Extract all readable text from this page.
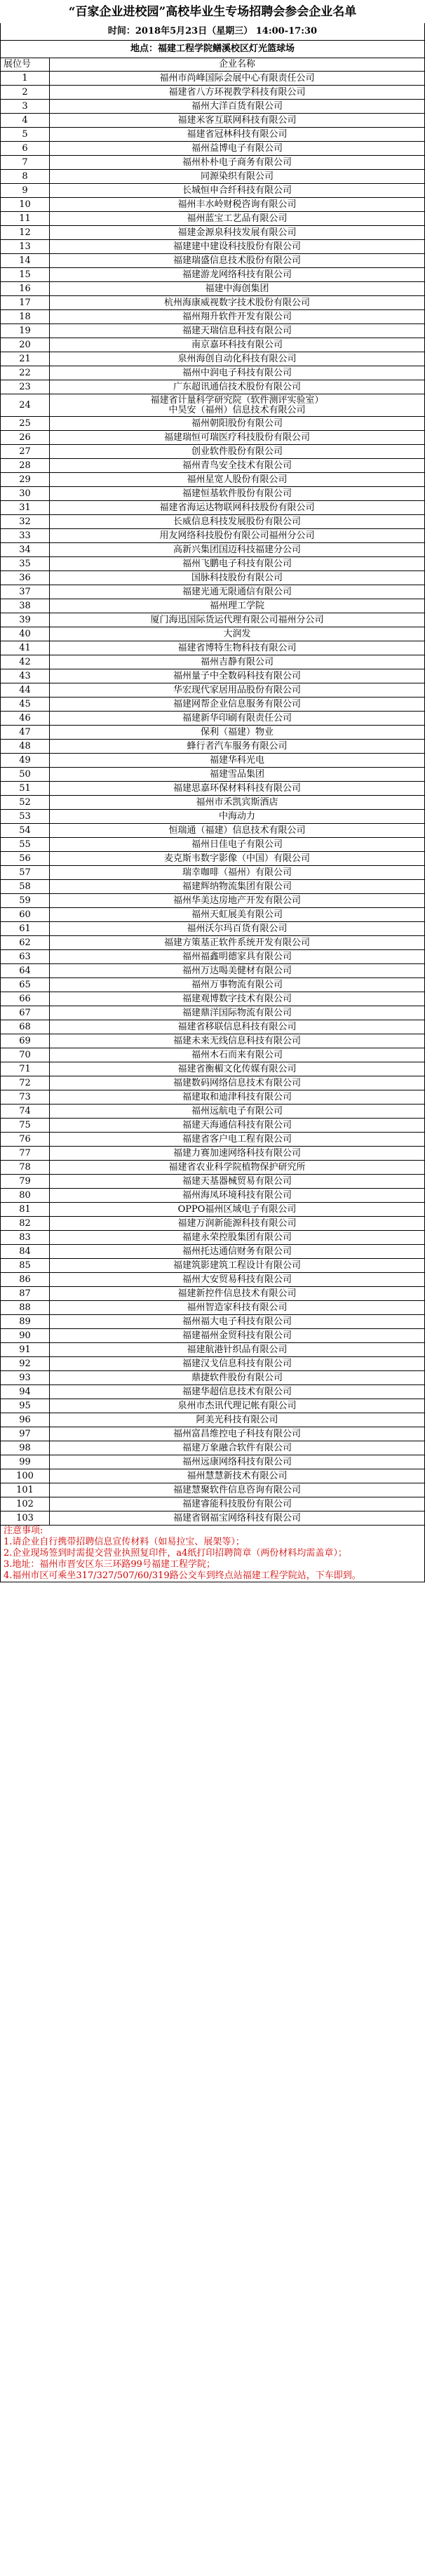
“百家企业进校园”高校毕业生专场招聘会参会企业名单	
时间：2018年5月23日（星期三） 14:00-17:30	
地点：福建工程学院鳝溪校区灯光篮球场	
展位号	企业名称
1	福州市尚峰国际会展中心有限责任公司
2	福建省八方环视教学科技有限公司
3	福州大洋百货有限公司
4	福建米客互联网科技有限公司
5	福建省冠林科技有限公司
6	福州益博电子有限公司
7	福州朴朴电子商务有限公司
8	同源染织有限公司
9	长城恒申合纤科技有限公司
10	福州丰水岭财税咨询有限公司
11	福州蓝宝工艺品有限公司
12	福建金源泉科技发展有限公司
13	福建建中建设科技股份有限公司
14	福建瑞盛信息技术股份有限公司
15	福建游龙网络科技有限公司
16	福建中海创集团
17	杭州海康威视数字技术股份有限公司
18	福州翔升软件开发有限公司
19	福建天瑞信息科技有限公司
20	南京嘉环科技有限公司
21	泉州海创自动化科技有限公司
22	福州中润电子科技有限公司
23	广东超讯通信技术股份有限公司
24	福建省计量科学研究院（软件测评实验室）
中昊安（福州）信息技术有限公司

25	福州朝阳股份有限公司
26	福建瑞恒可瑞医疗科技股份有限公司
27	创业软件股份有限公司
28	福州青鸟安全技术有限公司
29	福州星宽人股份有限公司
30	福建恒基软件股份有限公司
31	福建省海运达物联网科技股份有限公司
32	长威信息科技发展股份有限公司
33	用友网络科技股份有限公司福州分公司
34	高新兴集团国迈科技福建分公司
35	福州飞鹏电子科技有限公司
36	国脉科技股份有限公司
37	福建光通无限通信有限公司
38	福州理工学院
39	厦门海迅国际货运代理有限公司福州分公司
40	大润发
41	福建省博特生物科技有限公司
42	福州吉静有限公司
43	福州量子中全数码科技有限公司
44	华宏现代家居用品股份有限公司
45	福建网帮企业信息服务有限公司
46	福建新华印刷有限责任公司
47	保利（福建）物业
48	蜂行者汽车服务有限公司
49	福建华科光电
50	福建雪品集团
51	福建思嘉环保材料科技有限公司
52	福州市禾凯宾斯酒店
53	中海动力
54	恒瑞通（福建）信息技术有限公司
55	福州日佳电子有限公司
56	麦克斯韦数字影像（中国）有限公司
57	瑞幸咖啡（福州）有限公司
58	福建辉纳物流集团有限公司
59	福州华美达房地产开发有限公司
60	福州天虹展美有限公司
61	福州沃尔玛百货有限公司
62	福建方策基正软件系统开发有限公司
63	福州福鑫明德家具有限公司
64	福州万达喝美健材有限公司
65	福州万事物流有限公司
66	福建观博数字技术有限公司
67	福建鼎洋国际物流有限公司
68	福建省移联信息科技有限公司
69	福建未来无线信息科技有限公司
70	福州木石而来有限公司
71	福建省衡楣文化传媒有限公司
72	福建数码网络信息技术有限公司
73	福建取和迪津科技有限公司
74	福州远航电子有限公司
75	福建天海通信科技有限公司
76	福建省客户电工程有限公司
77	福建力赛加速网络科技有限公司
78	福建省农业科学院植物保护研究所
79	福建天基器械贸易有限公司
80	福州海凤环境科技有限公司
81	OPPO福州区域电子有限公司
82	福建万润新能源科技有限公司
83	福建永荣控股集团有限公司
84	福州托达通信财务有限公司
85	福建筑影建筑工程设计有限公司
86	福州大安贸易科技有限公司
87	福建新控件信息技术有限公司
88	福州智造家科技有限公司
89	福州福大电子科技有限公司
90	福建福州金贸科技有限公司
91	福建航港针织品有限公司
92	福建汉戈信息科技有限公司
93	鼎捷软件股份有限公司
94	福建华超信息技术有限公司
95	泉州市杰讯代理记帐有限公司
96	阿美光科技有限公司
97	福州富昌维控电子科技有限公司
98	福建万象融合软件有限公司
99	福州远康网络科技有限公司
100	福州慧慧新技术有限公司
101	福建慧聚软件信息咨询有限公司
102	福建睿能科技股份有限公司
103	福建省钢福宝网络科技有限公司

注意事项:
1.请企业自行携带招聘信息宣传材料（如易拉宝、展架等）；
2.企业现场签到时需提交营业执照复印件，a4纸打印招聘简章（两份材料均需盖章）；
3.地址：福州市晋安区东三环路99号福建工程学院；
4.福州市区可乘坐317/327/507/60/319路公交车到终点站福建工程学院站，下车即到。	
